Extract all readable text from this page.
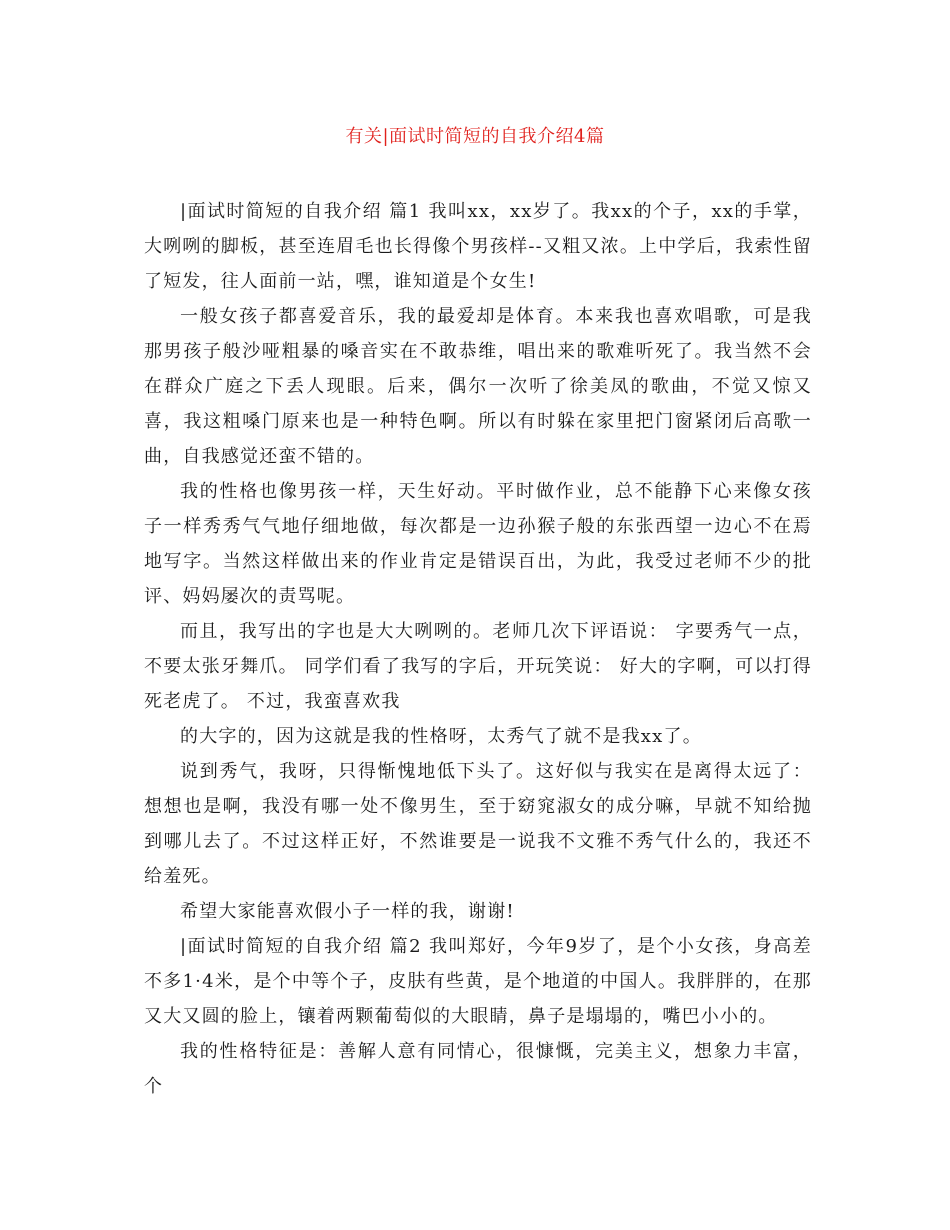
有关|面试时简短的自我介绍4篇

|面试时简短的自我介绍 篇1 我叫xx，xx岁了。我xx的个子，xx的手掌，大咧咧的脚板，甚至连眉毛也长得像个男孩样--又粗又浓。上中学后，我索性留了短发，往人面前一站，嘿，谁知道是个女生!

一般女孩子都喜爱音乐，我的最爱却是体育。本来我也喜欢唱歌，可是我那男孩子般沙哑粗暴的嗓音实在不敢恭维，唱出来的歌难听死了。我当然不会在群众广庭之下丢人现眼。后来，偶尔一次听了徐美凤的歌曲，不觉又惊又喜，我这粗嗓门原来也是一种特色啊。所以有时躲在家里把门窗紧闭后高歌一曲，自我感觉还蛮不错的。

我的性格也像男孩一样，天生好动。平时做作业，总不能静下心来像女孩子一样秀秀气气地仔细地做，每次都是一边孙猴子般的东张西望一边心不在焉地写字。当然这样做出来的作业肯定是错误百出，为此，我受过老师不少的批评、妈妈屡次的责骂呢。

而且，我写出的字也是大大咧咧的。老师几次下评语说： 字要秀气一点，不要太张牙舞爪。 同学们看了我写的字后，开玩笑说： 好大的字啊，可以打得死老虎了。 不过，我蛮喜欢我

的大字的，因为这就是我的性格呀，太秀气了就不是我xx了。

说到秀气，我呀，只得惭愧地低下头了。这好似与我实在是离得太远了：想想也是啊，我没有哪一处不像男生，至于窈窕淑女的成分嘛，早就不知给抛到哪儿去了。不过这样正好，不然谁要是一说我不文雅不秀气什么的，我还不给羞死。

希望大家能喜欢假小子一样的我，谢谢!

|面试时简短的自我介绍 篇2 我叫郑好，今年9岁了，是个小女孩，身高差不多1·4米，是个中等个子，皮肤有些黄，是个地道的中国人。我胖胖的，在那又大又圆的脸上，镶着两颗葡萄似的大眼睛，鼻子是塌塌的，嘴巴小小的。

我的性格特征是：善解人意有同情心，很慷慨，完美主义，想象力丰富，个
